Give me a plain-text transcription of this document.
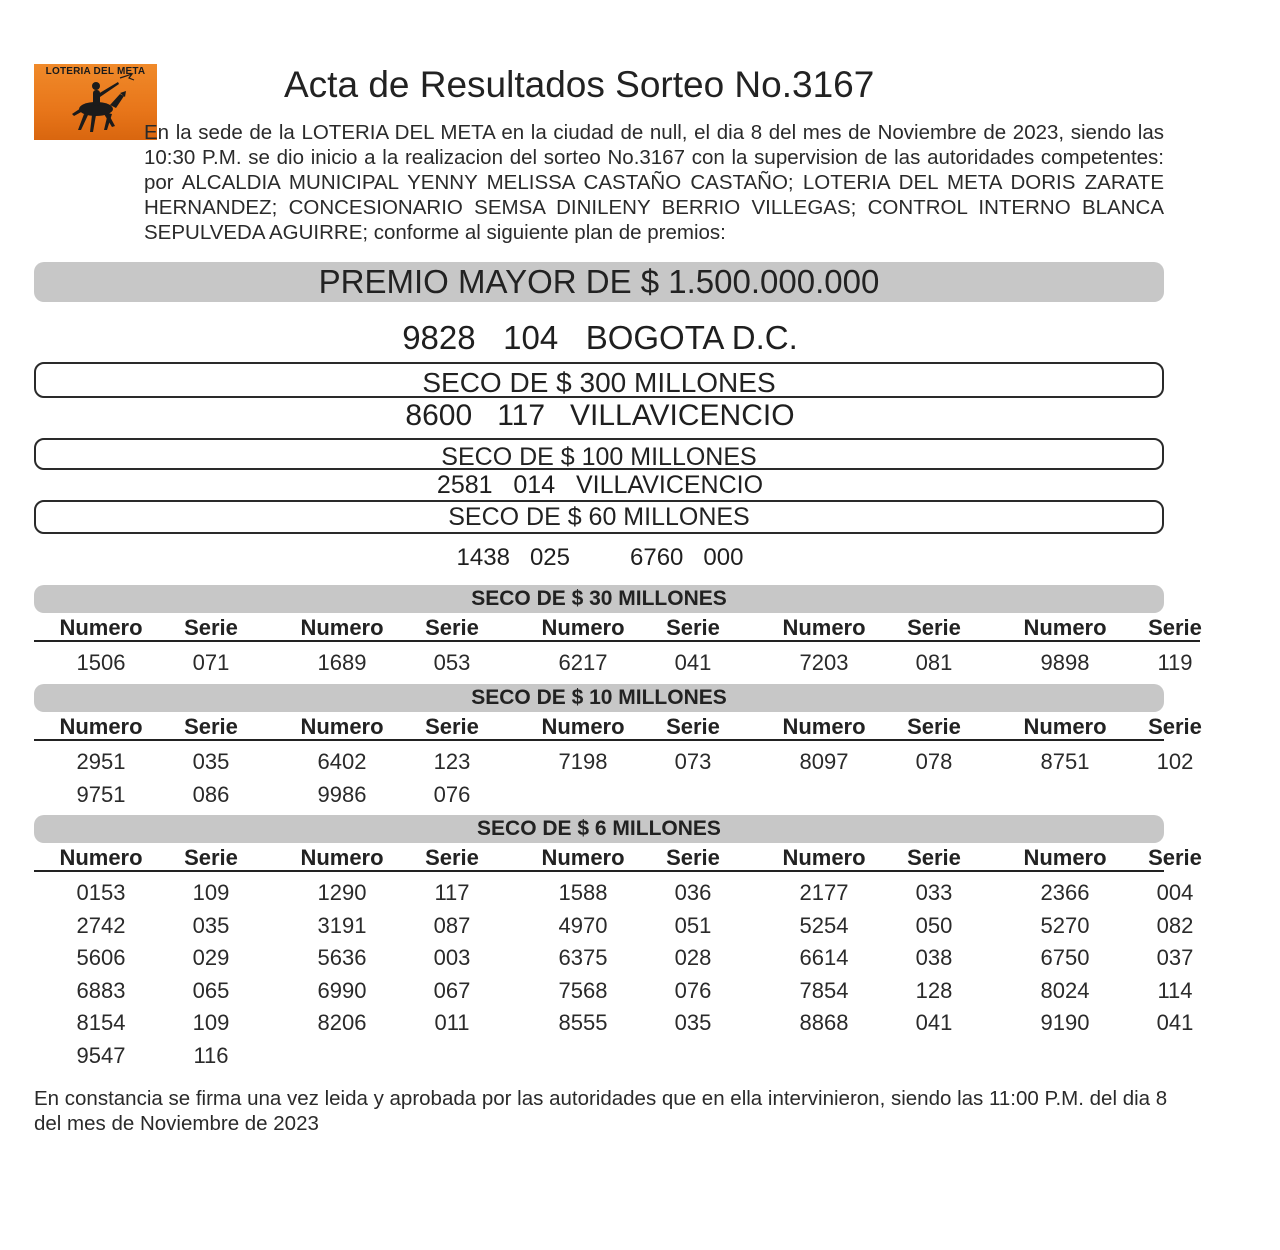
LOTERIA DEL META	Acta de Resultados Sorteo No.3167
En la sede de la LOTERIA DEL META en la ciudad de null, el dia 8 del mes de Noviembre de 2023, siendo las 10:30 P.M. se dio inicio a la realizacion del sorteo No.3167 con la supervision de las autoridades competentes: por ALCALDIA MUNICIPAL YENNY MELISSA CASTAÑO CASTAÑO; LOTERIA DEL META DORIS ZARATE HERNANDEZ; CONCESIONARIO SEMSA DINILENY BERRIO VILLEGAS; CONTROL INTERNO BLANCA SEPULVEDA AGUIRRE; conforme al siguiente plan de premios:
PREMIO MAYOR DE $ 1.500.000.000
9828 104 BOGOTA D.C.
SECO DE $ 300 MILLONES
8600 117 VILLAVICENCIO
SECO DE $ 100 MILLONES
2581 014 VILLAVICENCIO
SECO DE $ 60 MILLONES
1438 025	6760 000
SECO DE $ 30 MILLONES
Numero	Serie	Numero	Serie	Numero	Serie	Numero	Serie	Numero	Serie
1506	071	1689	053	6217	041	7203	081	9898	119
SECO DE $ 10 MILLONES
Numero	Serie	Numero	Serie	Numero	Serie	Numero	Serie	Numero	Serie
2951	035	6402	123	7198	073	8097	078	8751	102
9751	086	9986	076
SECO DE $ 6 MILLONES
Numero	Serie	Numero	Serie	Numero	Serie	Numero	Serie	Numero	Serie
0153	109	1290	117	1588	036	2177	033	2366	004
2742	035	3191	087	4970	051	5254	050	5270	082
5606	029	5636	003	6375	028	6614	038	6750	037
6883	065	6990	067	7568	076	7854	128	8024	114
8154	109	8206	011	8555	035	8868	041	9190	041
9547	116
En constancia se firma una vez leida y aprobada por las autoridades que en ella intervinieron, siendo las 11:00 P.M. del dia 8 del mes de Noviembre de 2023
